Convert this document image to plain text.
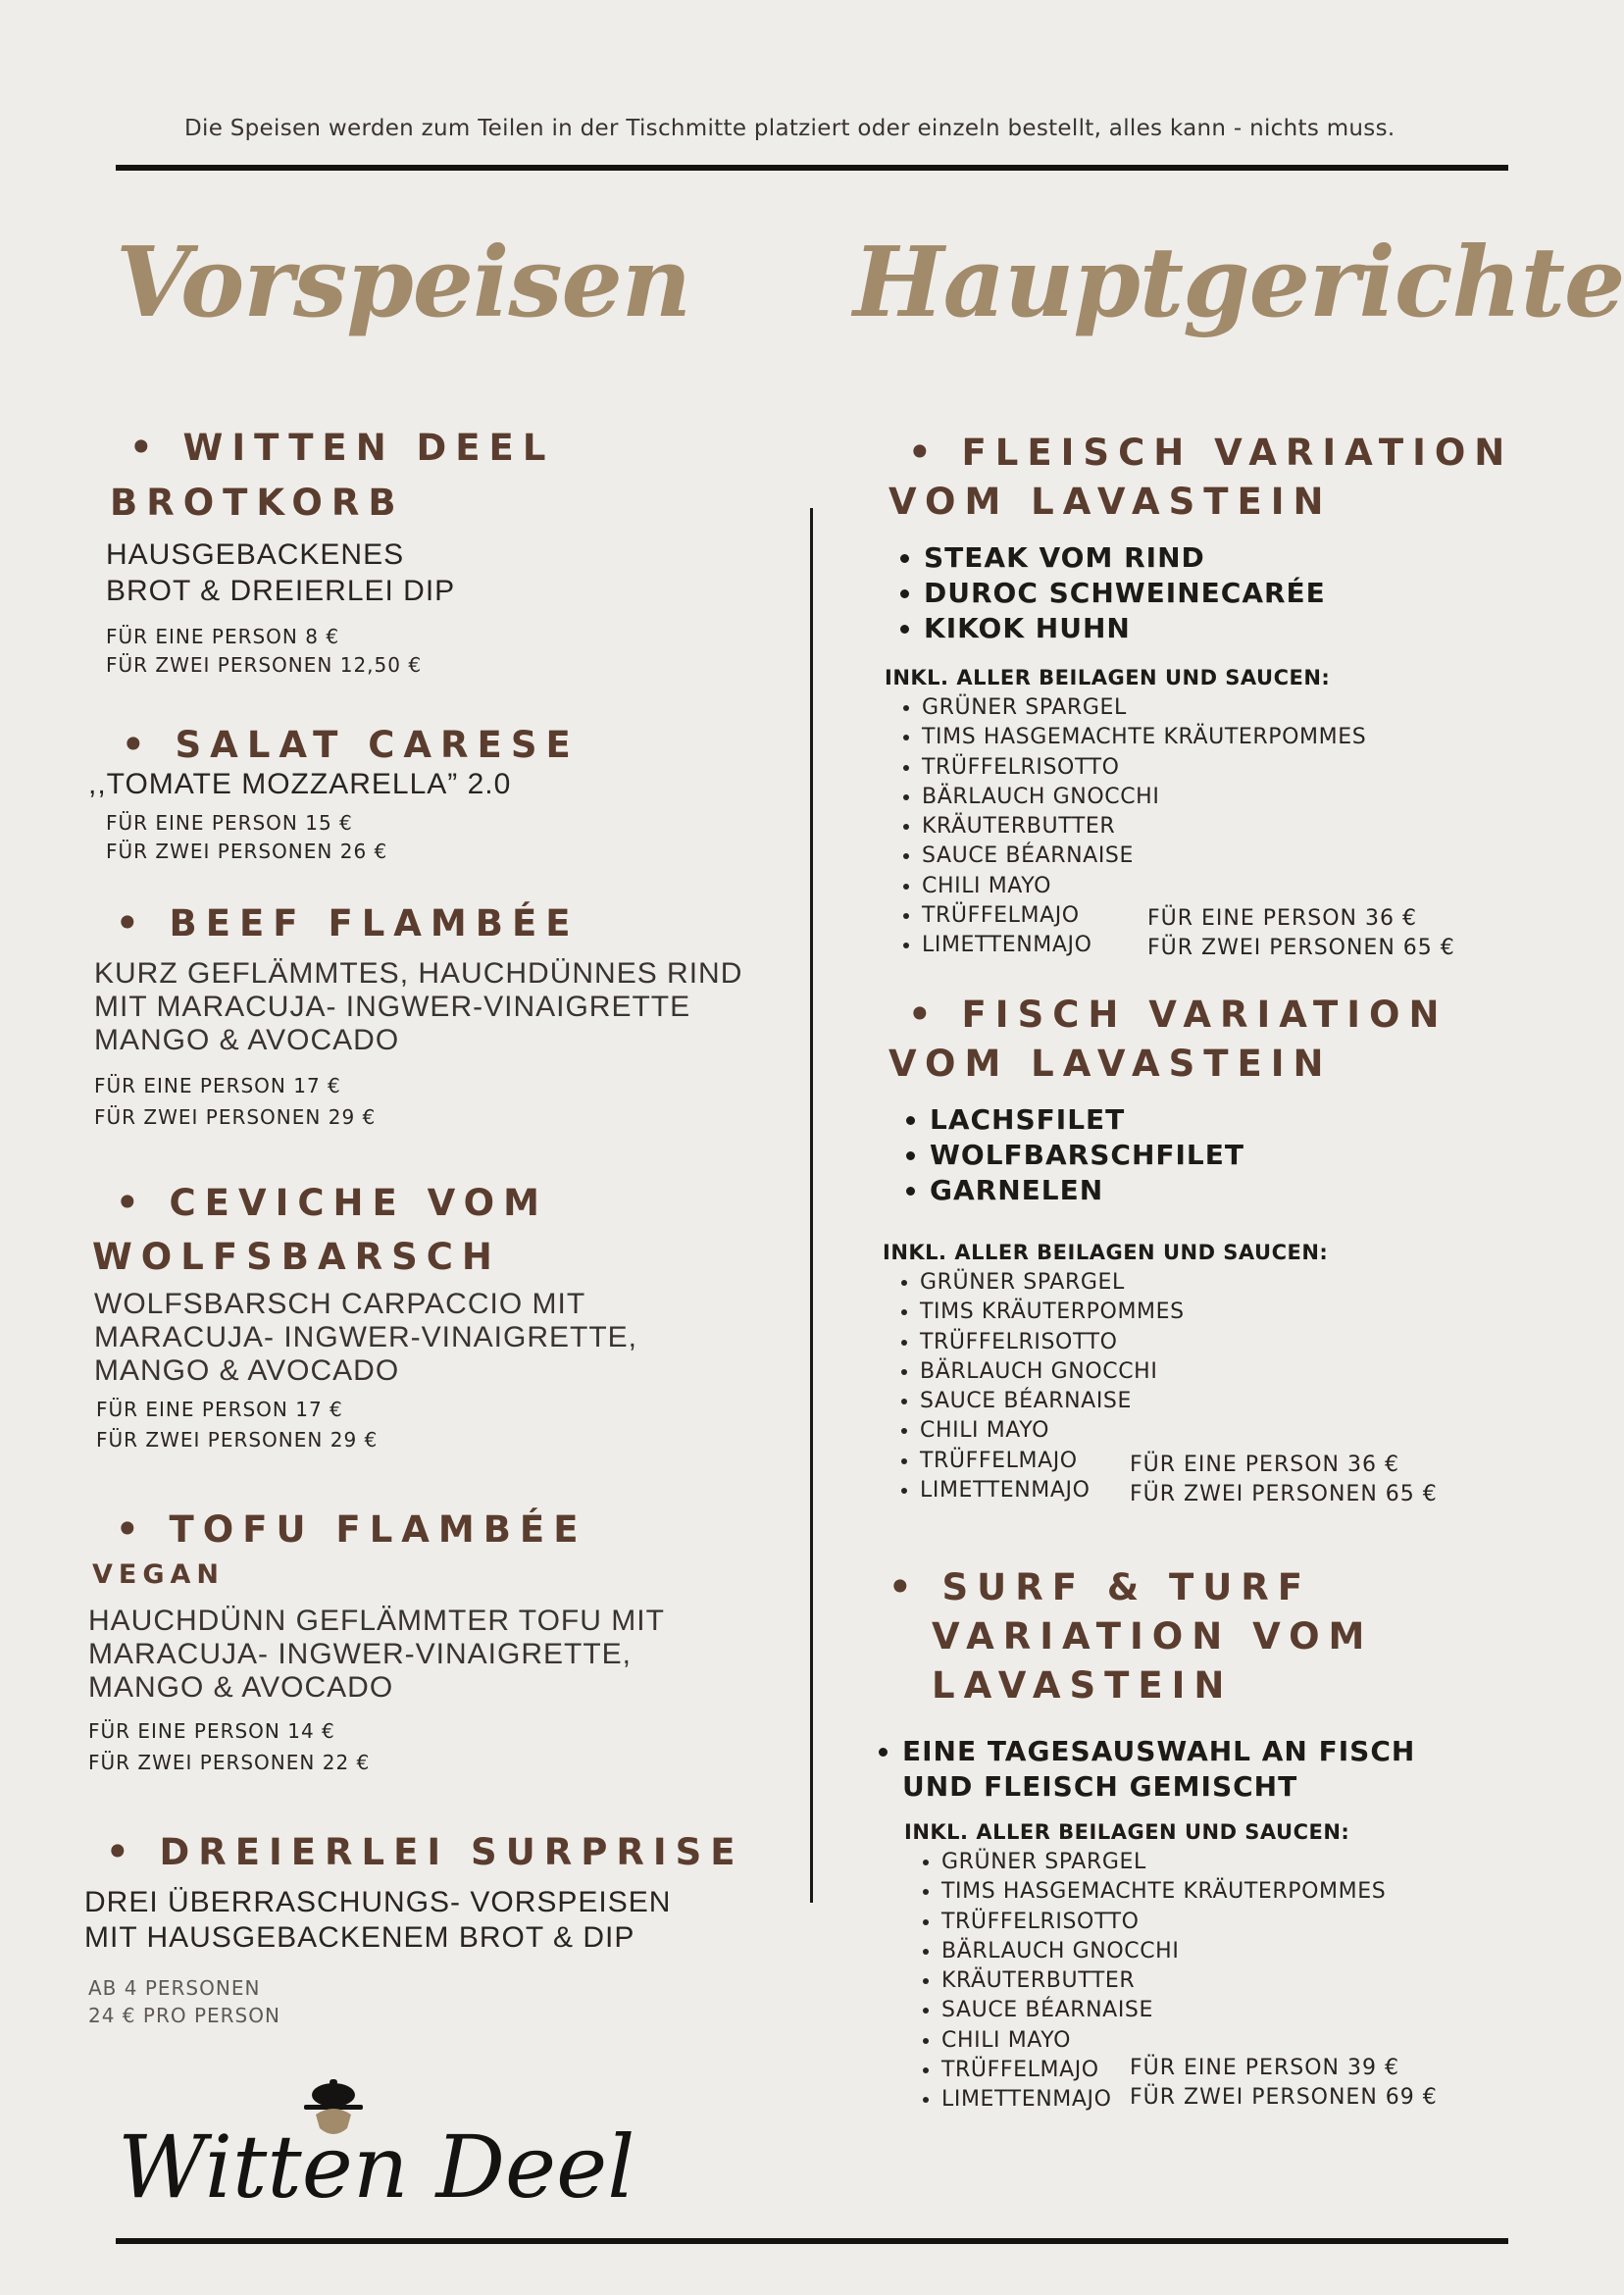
Die Speisen werden zum Teilen in der Tischmitte platziert oder einzeln bestellt, alles kann - nichts muss.
Vorspeisen Hauptgerichte
• WITTEN DEEL
BROTKORB
HAUSGEBACKENES
BROT & DREIERLEI DIP
FÜR EINE PERSON 8 €
FÜR ZWEI PERSONEN 12,50 €
• SALAT CARESE
,,TOMATE MOZZARELLA” 2.0
FÜR EINE PERSON 15 €
FÜR ZWEI PERSONEN 26 €
• BEEF FLAMBÉE
KURZ GEFLÄMMTES, HAUCHDÜNNES RIND
MIT MARACUJA- INGWER-VINAIGRETTE
MANGO & AVOCADO
FÜR EINE PERSON 17 €
FÜR ZWEI PERSONEN 29 €
• CEVICHE VOM
WOLFSBARSCH
WOLFSBARSCH CARPACCIO MIT
MARACUJA- INGWER-VINAIGRETTE,
MANGO & AVOCADO
FÜR EINE PERSON 17 €
FÜR ZWEI PERSONEN 29 €
• TOFU FLAMBÉE
VEGAN
HAUCHDÜNN GEFLÄMMTER TOFU MIT
MARACUJA- INGWER-VINAIGRETTE,
MANGO & AVOCADO
FÜR EINE PERSON 14 €
FÜR ZWEI PERSONEN 22 €
• DREIERLEI SURPRISE
DREI ÜBERRASCHUNGS- VORSPEISEN
MIT HAUSGEBACKENEM BROT & DIP
AB 4 PERSONEN
24 € PRO PERSON
Witten Deel
• FLEISCH VARIATION
VOM LAVASTEIN
• STEAK VOM RIND
• DUROC SCHWEINECARÉE
• KIKOK HUHN
INKL. ALLER BEILAGEN UND SAUCEN:
• GRÜNER SPARGEL
• TIMS HASGEMACHTE KRÄUTERPOMMES
• TRÜFFELRISOTTO
• BÄRLAUCH GNOCCHI
• KRÄUTERBUTTER
• SAUCE BÉARNAISE
• CHILI MAYO
• TRÜFFELMAJO
• LIMETTENMAJO
FÜR EINE PERSON 36 €
FÜR ZWEI PERSONEN 65 €
• FISCH VARIATION
VOM LAVASTEIN
• LACHSFILET
• WOLFBARSCHFILET
• GARNELEN
INKL. ALLER BEILAGEN UND SAUCEN:
• GRÜNER SPARGEL
• TIMS KRÄUTERPOMMES
• TRÜFFELRISOTTO
• BÄRLAUCH GNOCCHI
• SAUCE BÉARNAISE
• CHILI MAYO
• TRÜFFELMAJO
• LIMETTENMAJO
FÜR EINE PERSON 36 €
FÜR ZWEI PERSONEN 65 €
• SURF & TURF
VARIATION VOM
LAVASTEIN
• EINE TAGESAUSWAHL AN FISCH
UND FLEISCH GEMISCHT
INKL. ALLER BEILAGEN UND SAUCEN:
• GRÜNER SPARGEL
• TIMS HASGEMACHTE KRÄUTERPOMMES
• TRÜFFELRISOTTO
• BÄRLAUCH GNOCCHI
• KRÄUTERBUTTER
• SAUCE BÉARNAISE
• CHILI MAYO
• TRÜFFELMAJO
• LIMETTENMAJO
FÜR EINE PERSON 39 €
FÜR ZWEI PERSONEN 69 €
